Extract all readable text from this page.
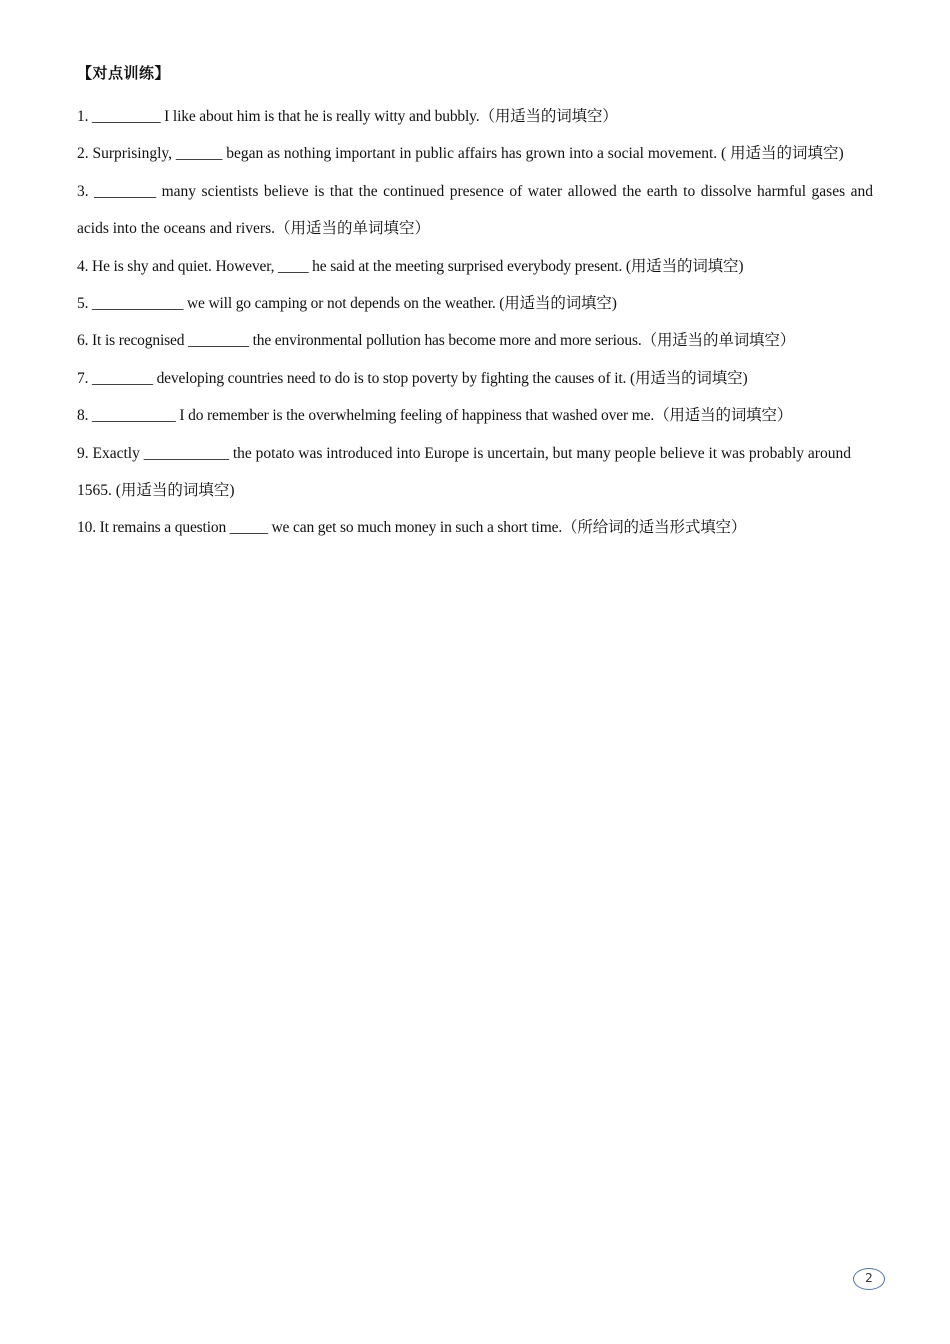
【对点训练】

1. _________ I like about him is that he is really witty and bubbly.（用适当的词填空）

2. Surprisingly, ______ began as nothing important in public affairs has grown into a social movement. ( 用适当的词填空)

3. ________ many scientists believe is that the continued presence of water allowed the earth to dissolve harmful gases and acids into the oceans and rivers.（用适当的单词填空）

4. He is shy and quiet. However, ____ he said at the meeting surprised everybody present. (用适当的词填空)

5. ____________ we will go camping or not depends on the weather. (用适当的词填空)

6. It is recognised ________ the environmental pollution has become more and more serious.（用适当的单词填空）

7. ________ developing countries need to do is to stop poverty by fighting the causes of it. (用适当的词填空)

8. ___________ I do remember is the overwhelming feeling of happiness that washed over me.（用适当的词填空）

9. Exactly ___________ the potato was introduced into Europe is uncertain, but many people believe it was probably around 1565. (用适当的词填空)

10. It remains a question _____ we can get so much money in such a short time.（所给词的适当形式填空）

2
